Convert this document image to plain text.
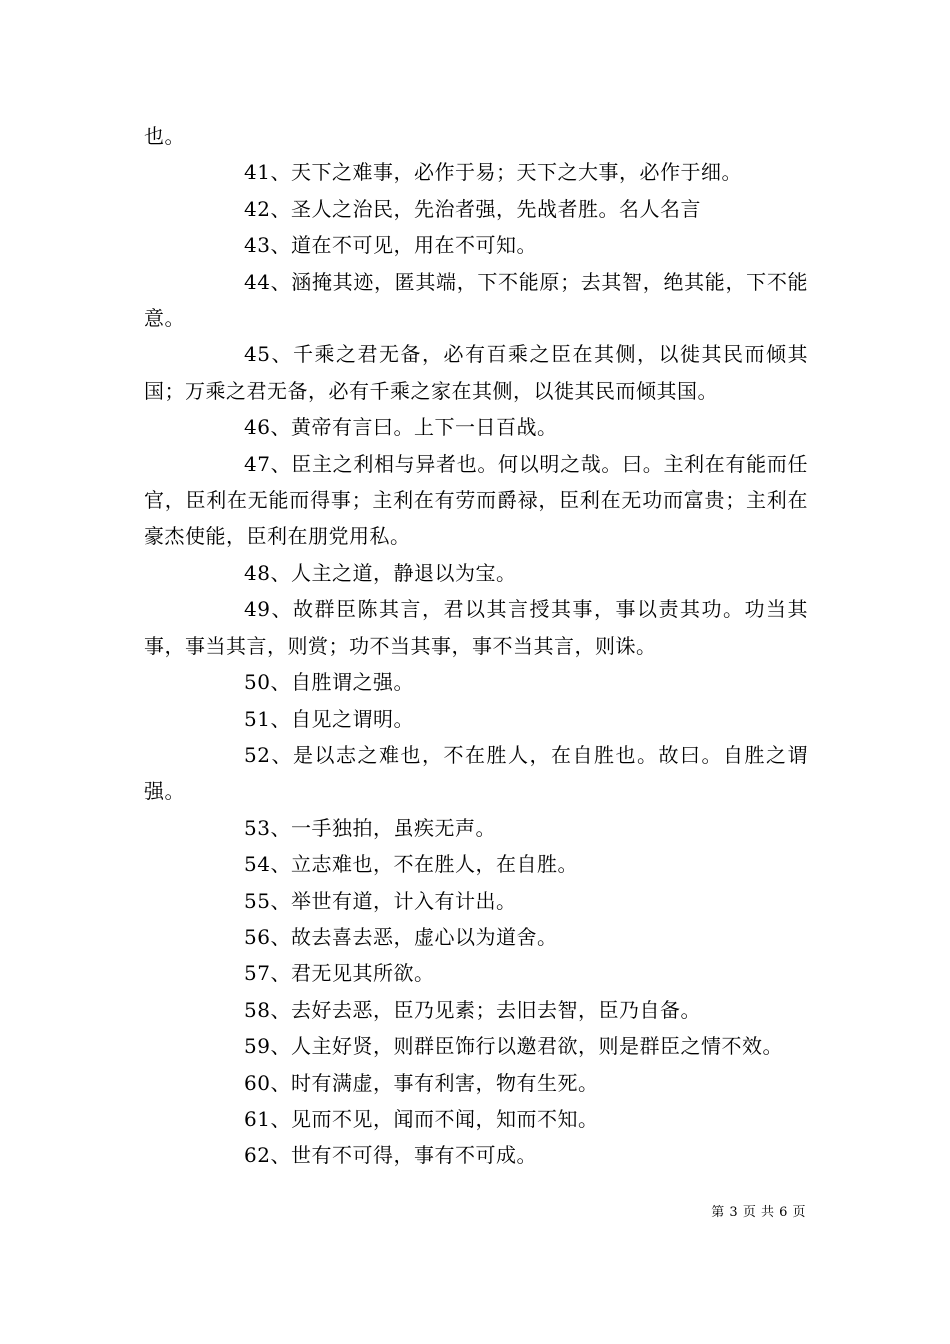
也。

41、天下之难事，必作于易；天下之大事，必作于细。

42、圣人之治民，先治者强，先战者胜。名人名言

43、道在不可见，用在不可知。

44、涵掩其迹，匿其端，下不能原；去其智，绝其能，下不能意。

45、千乘之君无备，必有百乘之臣在其侧，以徙其民而倾其国；万乘之君无备，必有千乘之家在其侧，以徙其民而倾其国。

46、黄帝有言曰。上下一日百战。

47、臣主之利相与异者也。何以明之哉。曰。主利在有能而任官，臣利在无能而得事；主利在有劳而爵禄，臣利在无功而富贵；主利在豪杰使能，臣利在朋党用私。

48、人主之道，静退以为宝。

49、故群臣陈其言，君以其言授其事，事以责其功。功当其事，事当其言，则赏；功不当其事，事不当其言，则诛。

50、自胜谓之强。

51、自见之谓明。

52、是以志之难也，不在胜人，在自胜也。故曰。自胜之谓强。

53、一手独拍，虽疾无声。

54、立志难也，不在胜人，在自胜。

55、举世有道，计入有计出。

56、故去喜去恶，虚心以为道舍。

57、君无见其所欲。

58、去好去恶，臣乃见素；去旧去智，臣乃自备。

59、人主好贤，则群臣饰行以邀君欲，则是群臣之情不效。

60、时有满虚，事有利害，物有生死。

61、见而不见，闻而不闻，知而不知。

62、世有不可得，事有不可成。

第 3 页 共 6 页
